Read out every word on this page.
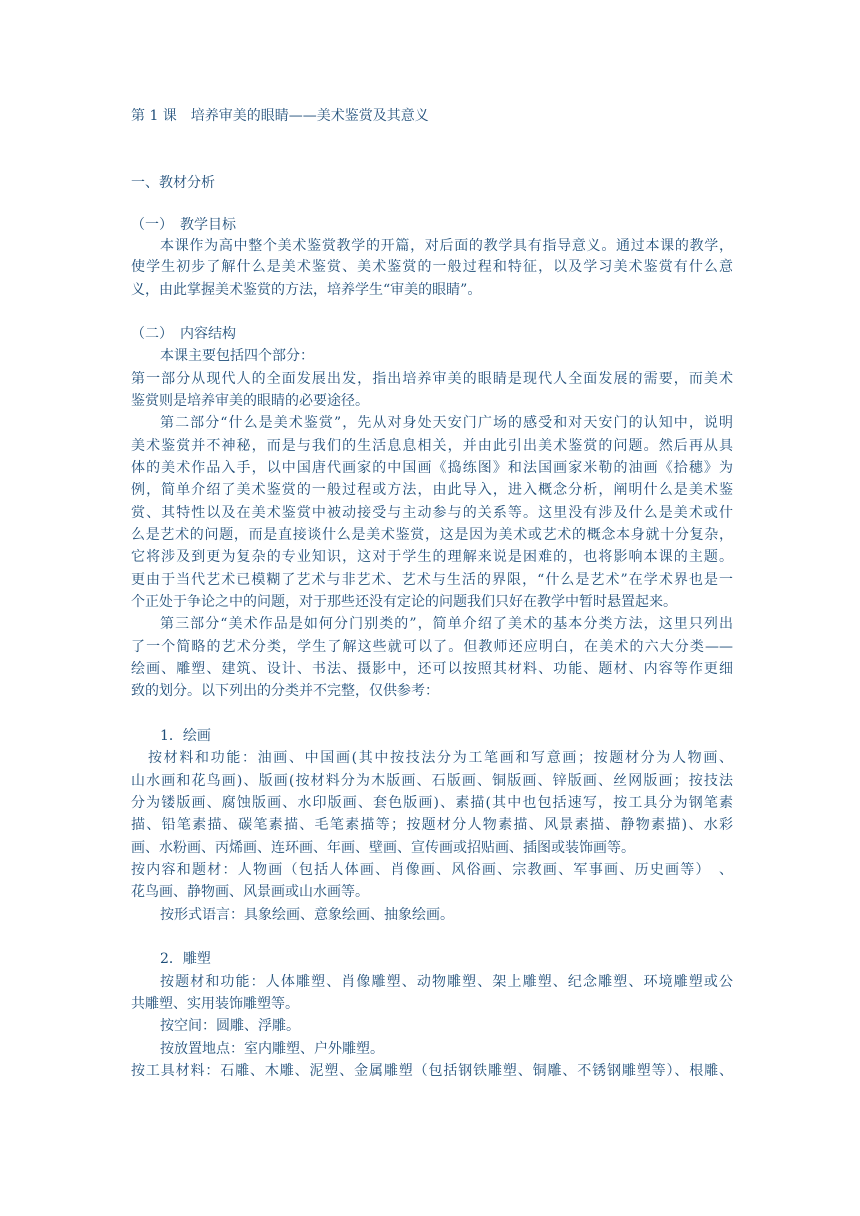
第 1 课　培养审美的眼睛——美术鉴赏及其意义
一、教材分析
（一）　教学目标
本课作为高中整个美术鉴赏教学的开篇，对后面的教学具有指导意义。通过本课的教学，
使学生初步了解什么是美术鉴赏、美术鉴赏的一般过程和特征，以及学习美术鉴赏有什么意
义，由此掌握美术鉴赏的方法，培养学生“审美的眼睛”。
（二）　内容结构
本课主要包括四个部分：
第一部分从现代人的全面发展出发，指出培养审美的眼睛是现代人全面发展的需要，而美术
鉴赏则是培养审美的眼睛的必要途径。
第二部分“什么是美术鉴赏”，先从对身处天安门广场的感受和对天安门的认知中，说明
美术鉴赏并不神秘，而是与我们的生活息息相关，并由此引出美术鉴赏的问题。然后再从具
体的美术作品入手，以中国唐代画家的中国画《捣练图》和法国画家米勒的油画《拾穗》为
例，简单介绍了美术鉴赏的一般过程或方法，由此导入，进入概念分析，阐明什么是美术鉴
赏、其特性以及在美术鉴赏中被动接受与主动参与的关系等。这里没有涉及什么是美术或什
么是艺术的问题，而是直接谈什么是美术鉴赏，这是因为美术或艺术的概念本身就十分复杂，
它将涉及到更为复杂的专业知识，这对于学生的理解来说是困难的，也将影响本课的主题。
更由于当代艺术已模糊了艺术与非艺术、艺术与生活的界限，“什么是艺术”在学术界也是一
个正处于争论之中的问题，对于那些还没有定论的问题我们只好在教学中暂时悬置起来。
第三部分“美术作品是如何分门别类的”，简单介绍了美术的基本分类方法，这里只列出
了一个简略的艺术分类，学生了解这些就可以了。但教师还应明白，在美术的六大分类——
绘画、雕塑、建筑、设计、书法、摄影中，还可以按照其材料、功能、题材、内容等作更细
致的划分。以下列出的分类并不完整，仅供参考：
1．绘画
按材料和功能：油画、中国画(其中按技法分为工笔画和写意画；按题材分为人物画、
山水画和花鸟画)、版画(按材料分为木版画、石版画、铜版画、锌版画、丝网版画；按技法
分为镂版画、腐蚀版画、水印版画、套色版画)、素描(其中也包括速写，按工具分为钢笔素
描、铅笔素描、碳笔素描、毛笔素描等；按题材分人物素描、风景素描、静物素描)、水彩
画、水粉画、丙烯画、连环画、年画、壁画、宣传画或招贴画、插图或装饰画等。
按内容和题材：人物画（包括人体画、肖像画、风俗画、宗教画、军事画、历史画等）　、
花鸟画、静物画、风景画或山水画等。
按形式语言：具象绘画、意象绘画、抽象绘画。
2．雕塑
按题材和功能：人体雕塑、肖像雕塑、动物雕塑、架上雕塑、纪念雕塑、环境雕塑或公
共雕塑、实用装饰雕塑等。
按空间：圆雕、浮雕。
按放置地点：室内雕塑、户外雕塑。
按工具材料：石雕、木雕、泥塑、金属雕塑（包括钢铁雕塑、铜雕、不锈钢雕塑等）、根雕、
